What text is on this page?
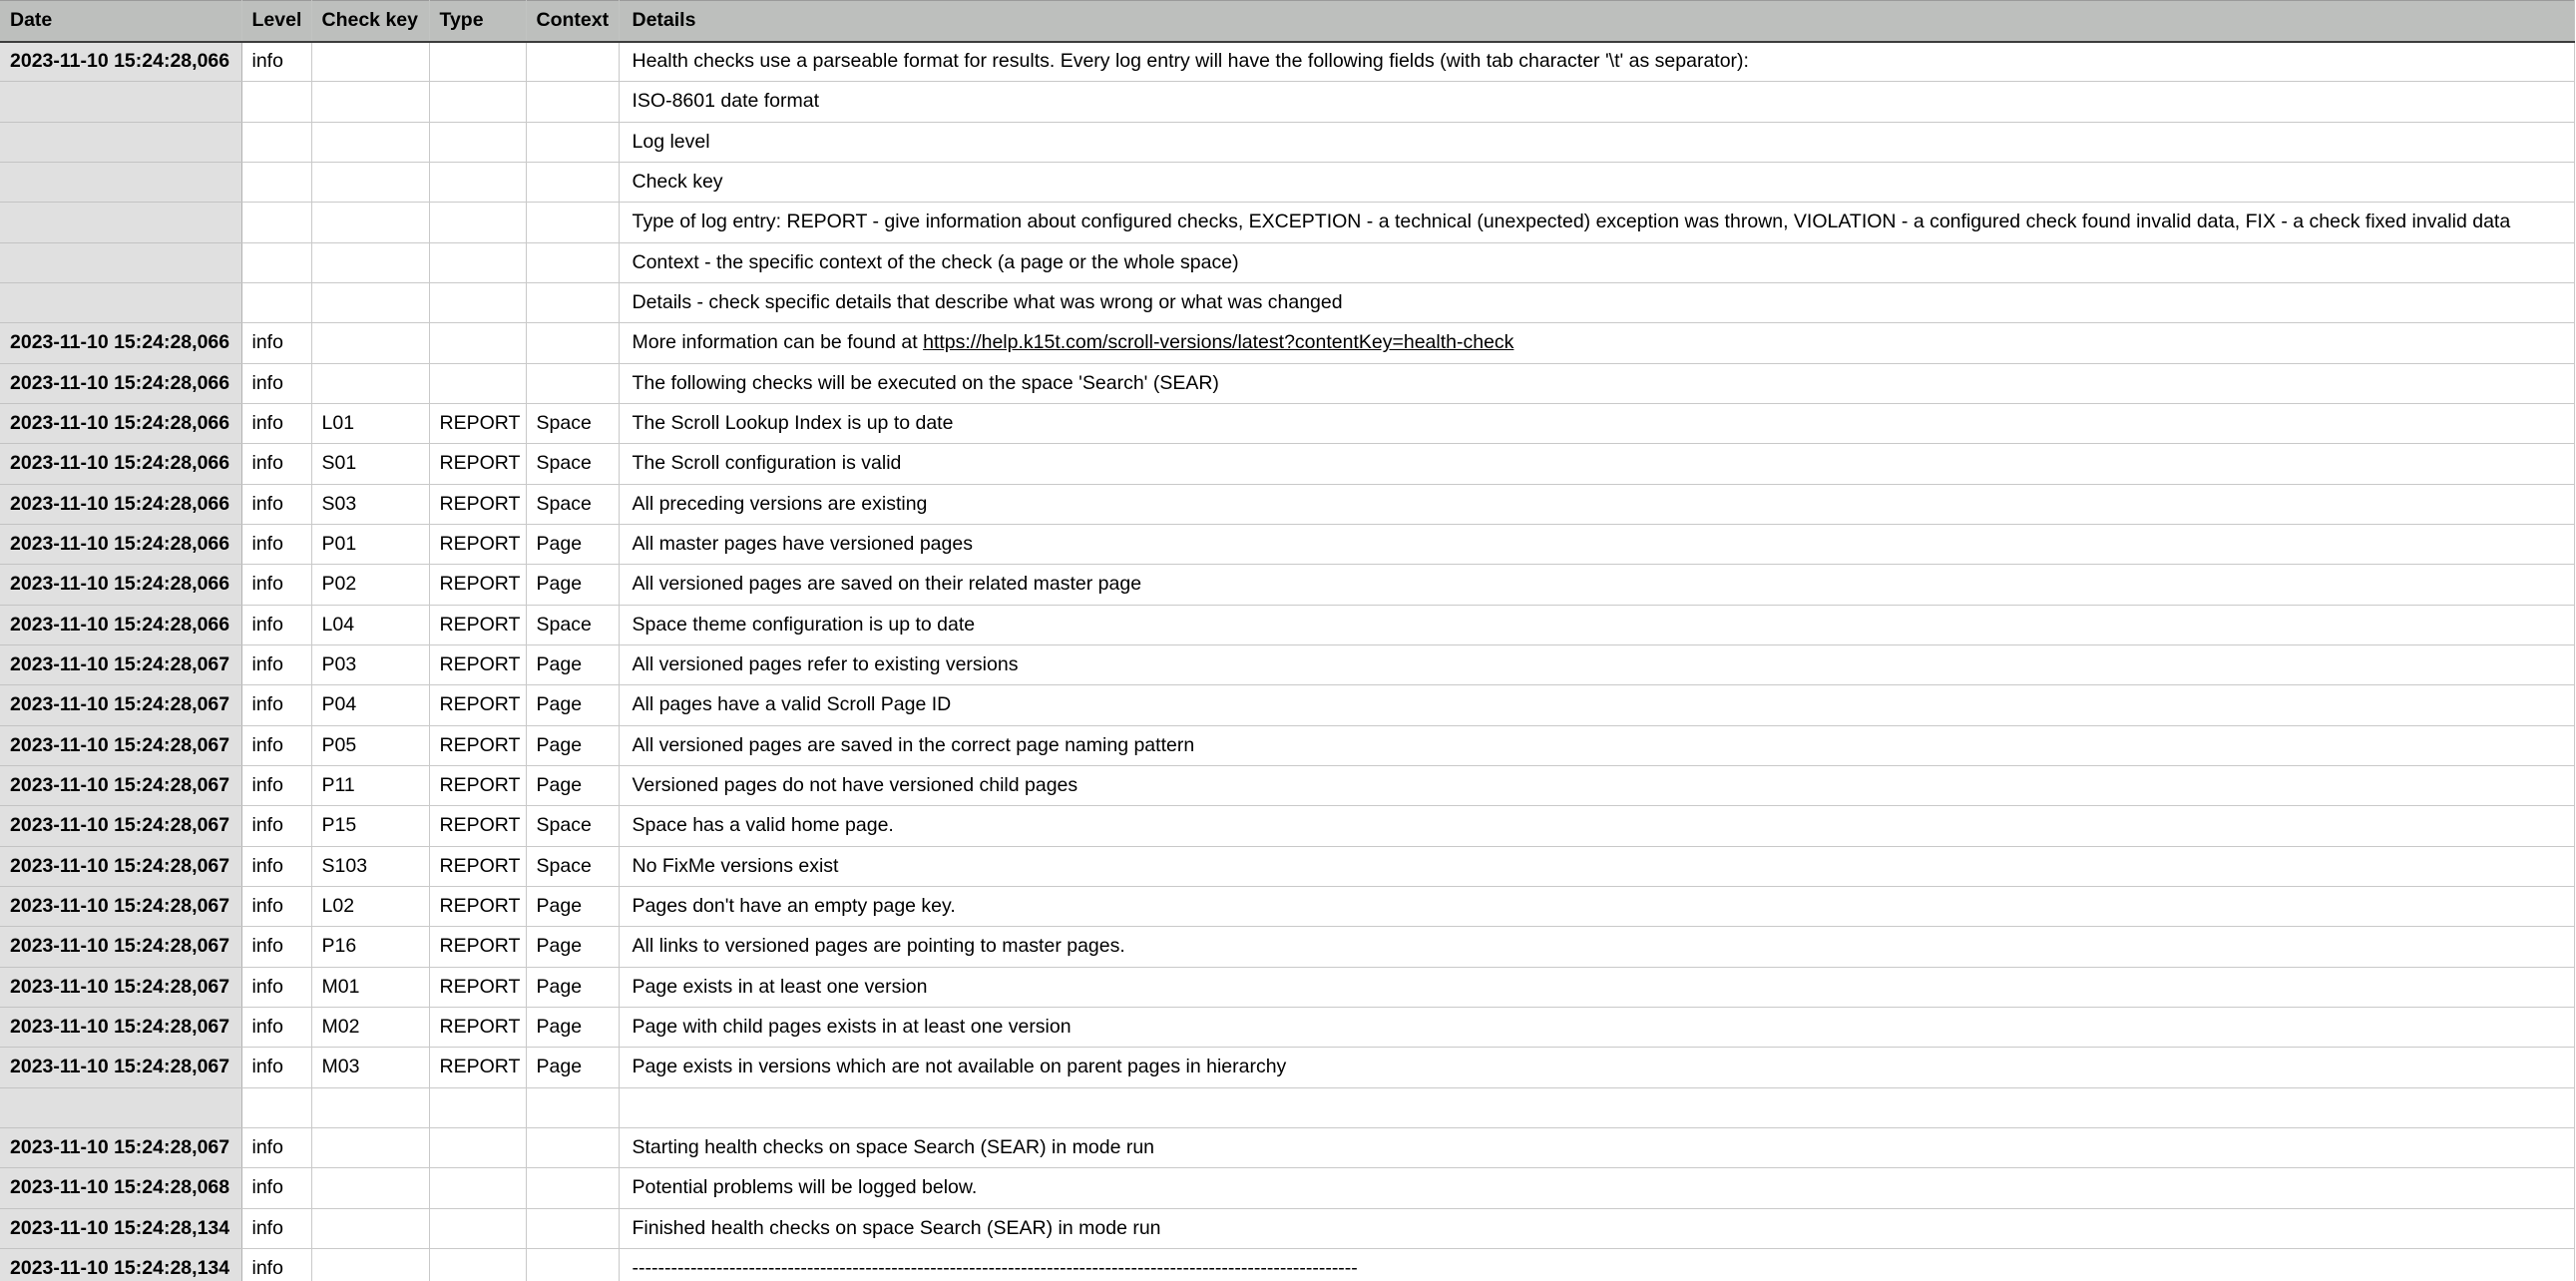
Date	Level	Check key	Type	Context	Details
2023-11-10 15:24:28,066	info				Health checks use a parseable format for results. Every log entry will have the following fields (with tab character '\t' as separator):
					ISO-8601 date format
					Log level
					Check key
					Type of log entry: REPORT - give information about configured checks, EXCEPTION - a technical (unexpected) exception was thrown, VIOLATION - a configured check found invalid data, FIX - a check fixed invalid data
					Context - the specific context of the check (a page or the whole space)
					Details - check specific details that describe what was wrong or what was changed
2023-11-10 15:24:28,066	info				More information can be found at https://help.k15t.com/scroll-versions/latest?contentKey=health-check
2023-11-10 15:24:28,066	info				The following checks will be executed on the space 'Search' (SEAR)
2023-11-10 15:24:28,066	info	L01	REPORT	Space	The Scroll Lookup Index is up to date
2023-11-10 15:24:28,066	info	S01	REPORT	Space	The Scroll configuration is valid
2023-11-10 15:24:28,066	info	S03	REPORT	Space	All preceding versions are existing
2023-11-10 15:24:28,066	info	P01	REPORT	Page	All master pages have versioned pages
2023-11-10 15:24:28,066	info	P02	REPORT	Page	All versioned pages are saved on their related master page
2023-11-10 15:24:28,066	info	L04	REPORT	Space	Space theme configuration is up to date
2023-11-10 15:24:28,067	info	P03	REPORT	Page	All versioned pages refer to existing versions
2023-11-10 15:24:28,067	info	P04	REPORT	Page	All pages have a valid Scroll Page ID
2023-11-10 15:24:28,067	info	P05	REPORT	Page	All versioned pages are saved in the correct page naming pattern
2023-11-10 15:24:28,067	info	P11	REPORT	Page	Versioned pages do not have versioned child pages
2023-11-10 15:24:28,067	info	P15	REPORT	Space	Space has a valid home page.
2023-11-10 15:24:28,067	info	S103	REPORT	Space	No FixMe versions exist
2023-11-10 15:24:28,067	info	L02	REPORT	Page	Pages don't have an empty page key.
2023-11-10 15:24:28,067	info	P16	REPORT	Page	All links to versioned pages are pointing to master pages.
2023-11-10 15:24:28,067	info	M01	REPORT	Page	Page exists in at least one version
2023-11-10 15:24:28,067	info	M02	REPORT	Page	Page with child pages exists in at least one version
2023-11-10 15:24:28,067	info	M03	REPORT	Page	Page exists in versions which are not available on parent pages in hierarchy

2023-11-10 15:24:28,067	info				Starting health checks on space Search (SEAR) in mode run
2023-11-10 15:24:28,068	info				Potential problems will be logged below.
2023-11-10 15:24:28,134	info				Finished health checks on space Search (SEAR) in mode run
2023-11-10 15:24:28,134	info				----------------------------------------------------------------------------------------------------------------
